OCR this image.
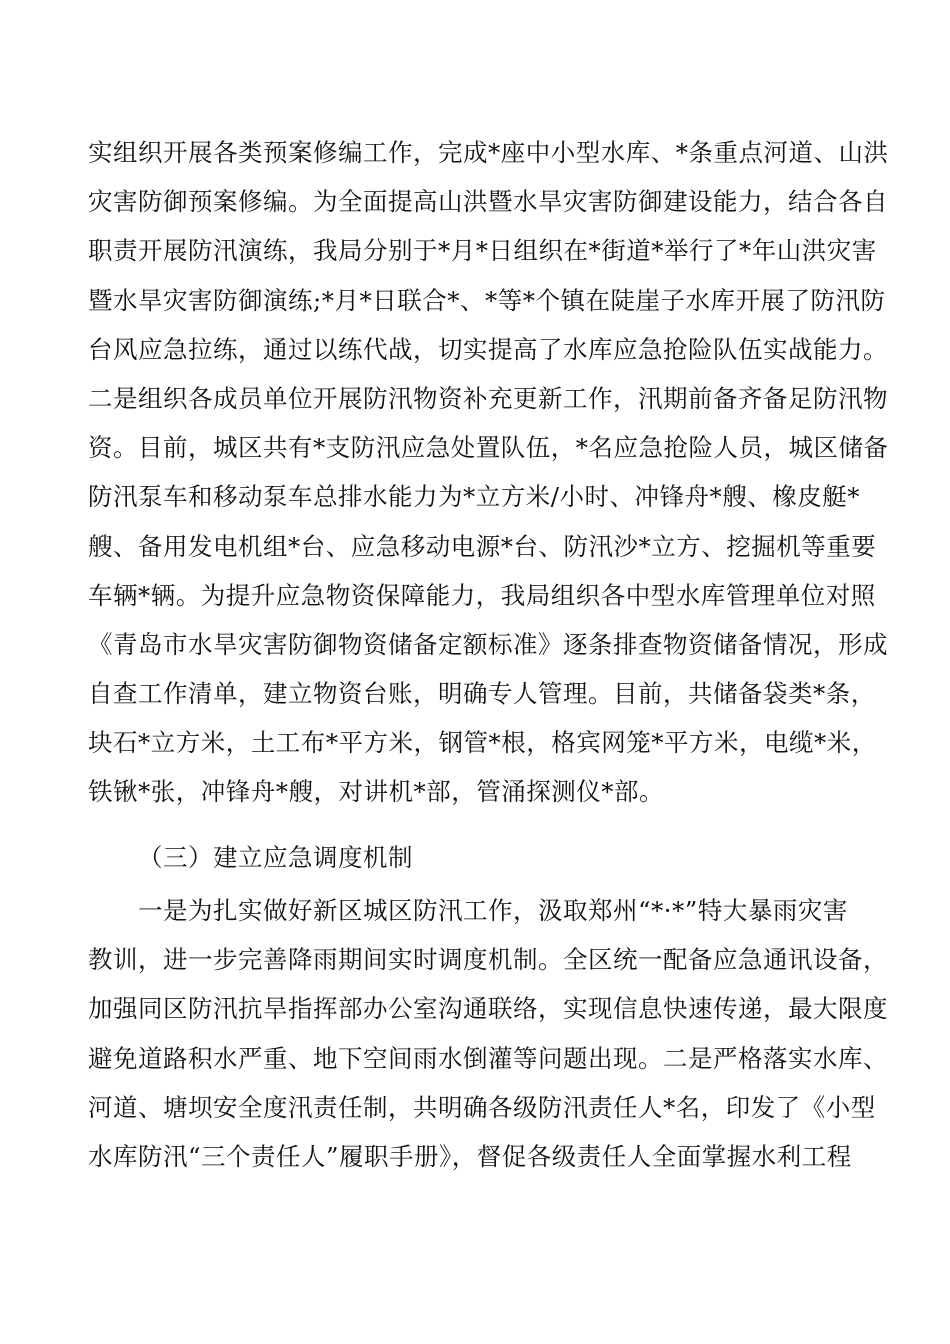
实组织开展各类预案修编工作，完成*座中小型水库、*条重点河道、山洪
灾害防御预案修编。为全面提高山洪暨水旱灾害防御建设能力，结合各自
职责开展防汛演练，我局分别于*月*日组织在*街道*举行了*年山洪灾害
暨水旱灾害防御演练;*月*日联合*、*等*个镇在陡崖子水库开展了防汛防
台风应急拉练，通过以练代战，切实提高了水库应急抢险队伍实战能力。
二是组织各成员单位开展防汛物资补充更新工作，汛期前备齐备足防汛物
资。目前，城区共有*支防汛应急处置队伍，*名应急抢险人员，城区储备
防汛泵车和移动泵车总排水能力为*立方米/小时、冲锋舟*艘、橡皮艇*
艘、备用发电机组*台、应急移动电源*台、防汛沙*立方、挖掘机等重要
车辆*辆。为提升应急物资保障能力，我局组织各中型水库管理单位对照
《青岛市水旱灾害防御物资储备定额标准》逐条排查物资储备情况，形成
自查工作清单，建立物资台账，明确专人管理。目前，共储备袋类*条，
块石*立方米，土工布*平方米，钢管*根，格宾网笼*平方米，电缆*米，
铁锹*张，冲锋舟*艘，对讲机*部，管涌探测仪*部。
（三）建立应急调度机制
一是为扎实做好新区城区防汛工作，汲取郑州“*·*”特大暴雨灾害
教训，进一步完善降雨期间实时调度机制。全区统一配备应急通讯设备，
加强同区防汛抗旱指挥部办公室沟通联络，实现信息快速传递，最大限度
避免道路积水严重、地下空间雨水倒灌等问题出现。二是严格落实水库、
河道、塘坝安全度汛责任制，共明确各级防汛责任人*名，印发了《小型
水库防汛“三个责任人”履职手册》，督促各级责任人全面掌握水利工程
